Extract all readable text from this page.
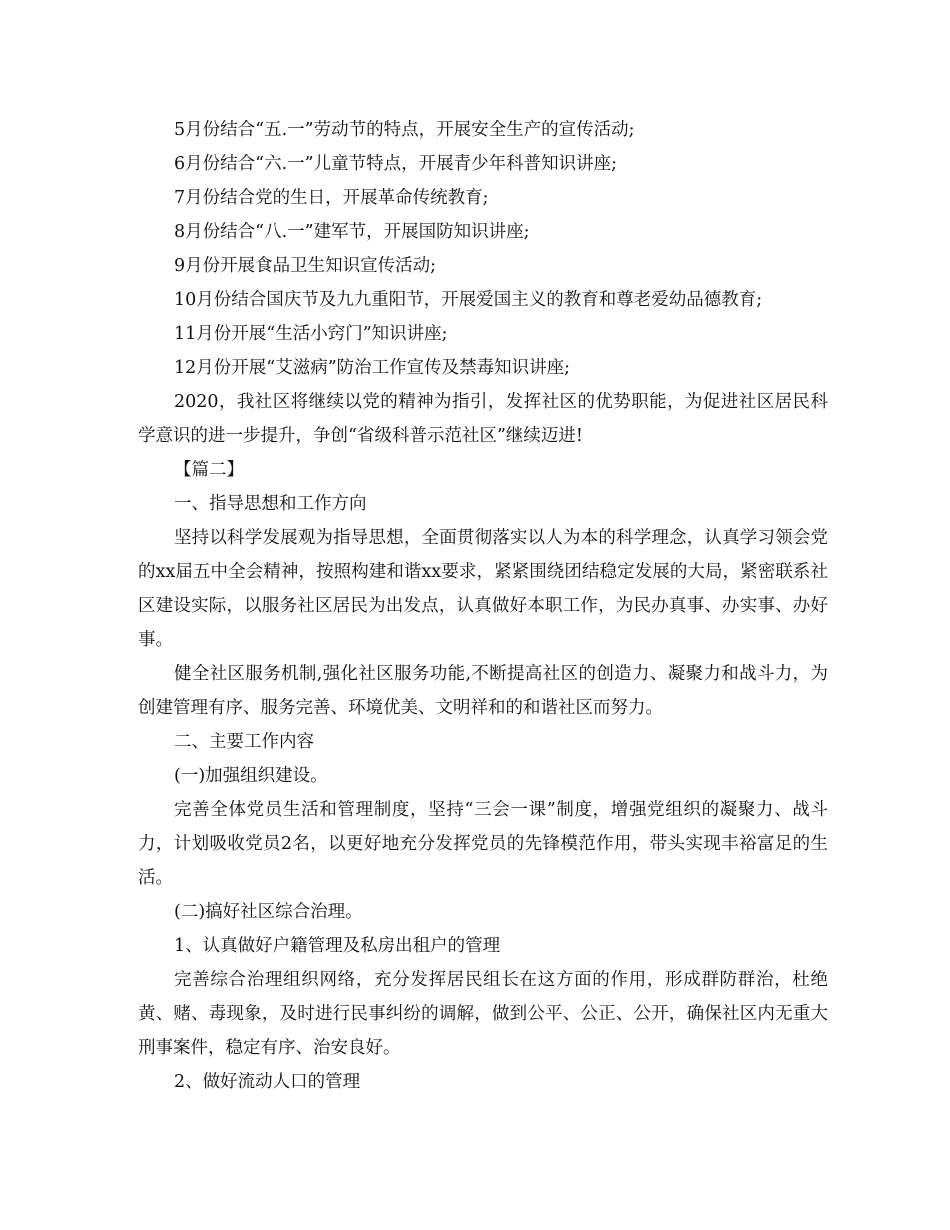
5月份结合“五.一”劳动节的特点，开展安全生产的宣传活动;

6月份结合“六.一”儿童节特点，开展青少年科普知识讲座;

7月份结合党的生日，开展革命传统教育;

8月份结合“八.一”建军节，开展国防知识讲座;

9月份开展食品卫生知识宣传活动;

10月份结合国庆节及九九重阳节，开展爱国主义的教育和尊老爱幼品德教育;

11月份开展“生活小窍门”知识讲座;

12月份开展“艾滋病”防治工作宣传及禁毒知识讲座;

2020，我社区将继续以党的精神为指引，发挥社区的优势职能，为促进社区居民科学意识的进一步提升，争创“省级科普示范社区”继续迈进!

【篇二】

一、指导思想和工作方向

坚持以科学发展观为指导思想，全面贯彻落实以人为本的科学理念，认真学习领会党的xx届五中全会精神，按照构建和谐xx要求，紧紧围绕团结稳定发展的大局，紧密联系社区建设实际，以服务社区居民为出发点，认真做好本职工作，为民办真事、办实事、办好事。

健全社区服务机制,强化社区服务功能,不断提高社区的创造力、凝聚力和战斗力，为创建管理有序、服务完善、环境优美、文明祥和的和谐社区而努力。

二、主要工作内容

(一)加强组织建设。

完善全体党员生活和管理制度，坚持“三会一课”制度，增强党组织的凝聚力、战斗力，计划吸收党员2名，以更好地充分发挥党员的先锋模范作用，带头实现丰裕富足的生活。

(二)搞好社区综合治理。

1、认真做好户籍管理及私房出租户的管理

完善综合治理组织网络，充分发挥居民组长在这方面的作用，形成群防群治，杜绝黄、赌、毒现象，及时进行民事纠纷的调解，做到公平、公正、公开，确保社区内无重大刑事案件，稳定有序、治安良好。

2、做好流动人口的管理
